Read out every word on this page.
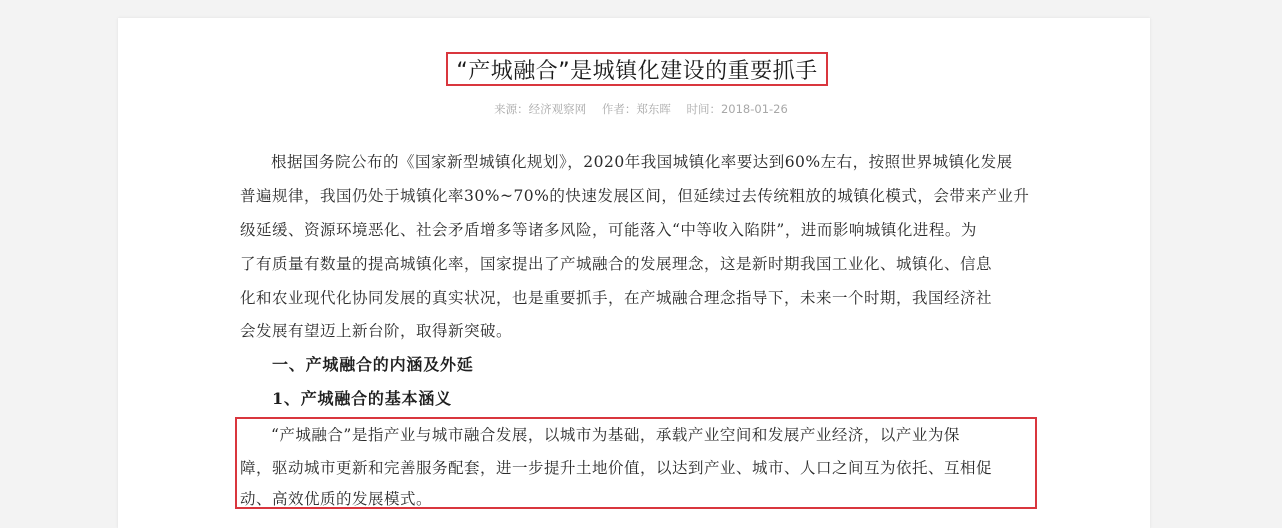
“产城融合”是城镇化建设的重要抓手
来源：经济观察网 作者：郑东晖 时间：2018-01-26
根据国务院公布的《国家新型城镇化规划》，2020年我国城镇化率要达到60%左右，按照世界城镇化发展
普遍规律，我国仍处于城镇化率30%~70%的快速发展区间，但延续过去传统粗放的城镇化模式，会带来产业升
级延缓、资源环境恶化、社会矛盾增多等诸多风险，可能落入“中等收入陷阱”，进而影响城镇化进程。为
了有质量有数量的提高城镇化率，国家提出了产城融合的发展理念，这是新时期我国工业化、城镇化、信息
化和农业现代化协同发展的真实状况，也是重要抓手，在产城融合理念指导下，未来一个时期，我国经济社
会发展有望迈上新台阶，取得新突破。
一、产城融合的内涵及外延
1、产城融合的基本涵义
“产城融合”是指产业与城市融合发展，以城市为基础，承载产业空间和发展产业经济，以产业为保
障，驱动城市更新和完善服务配套，进一步提升土地价值，以达到产业、城市、人口之间互为依托、互相促
动、高效优质的发展模式。
